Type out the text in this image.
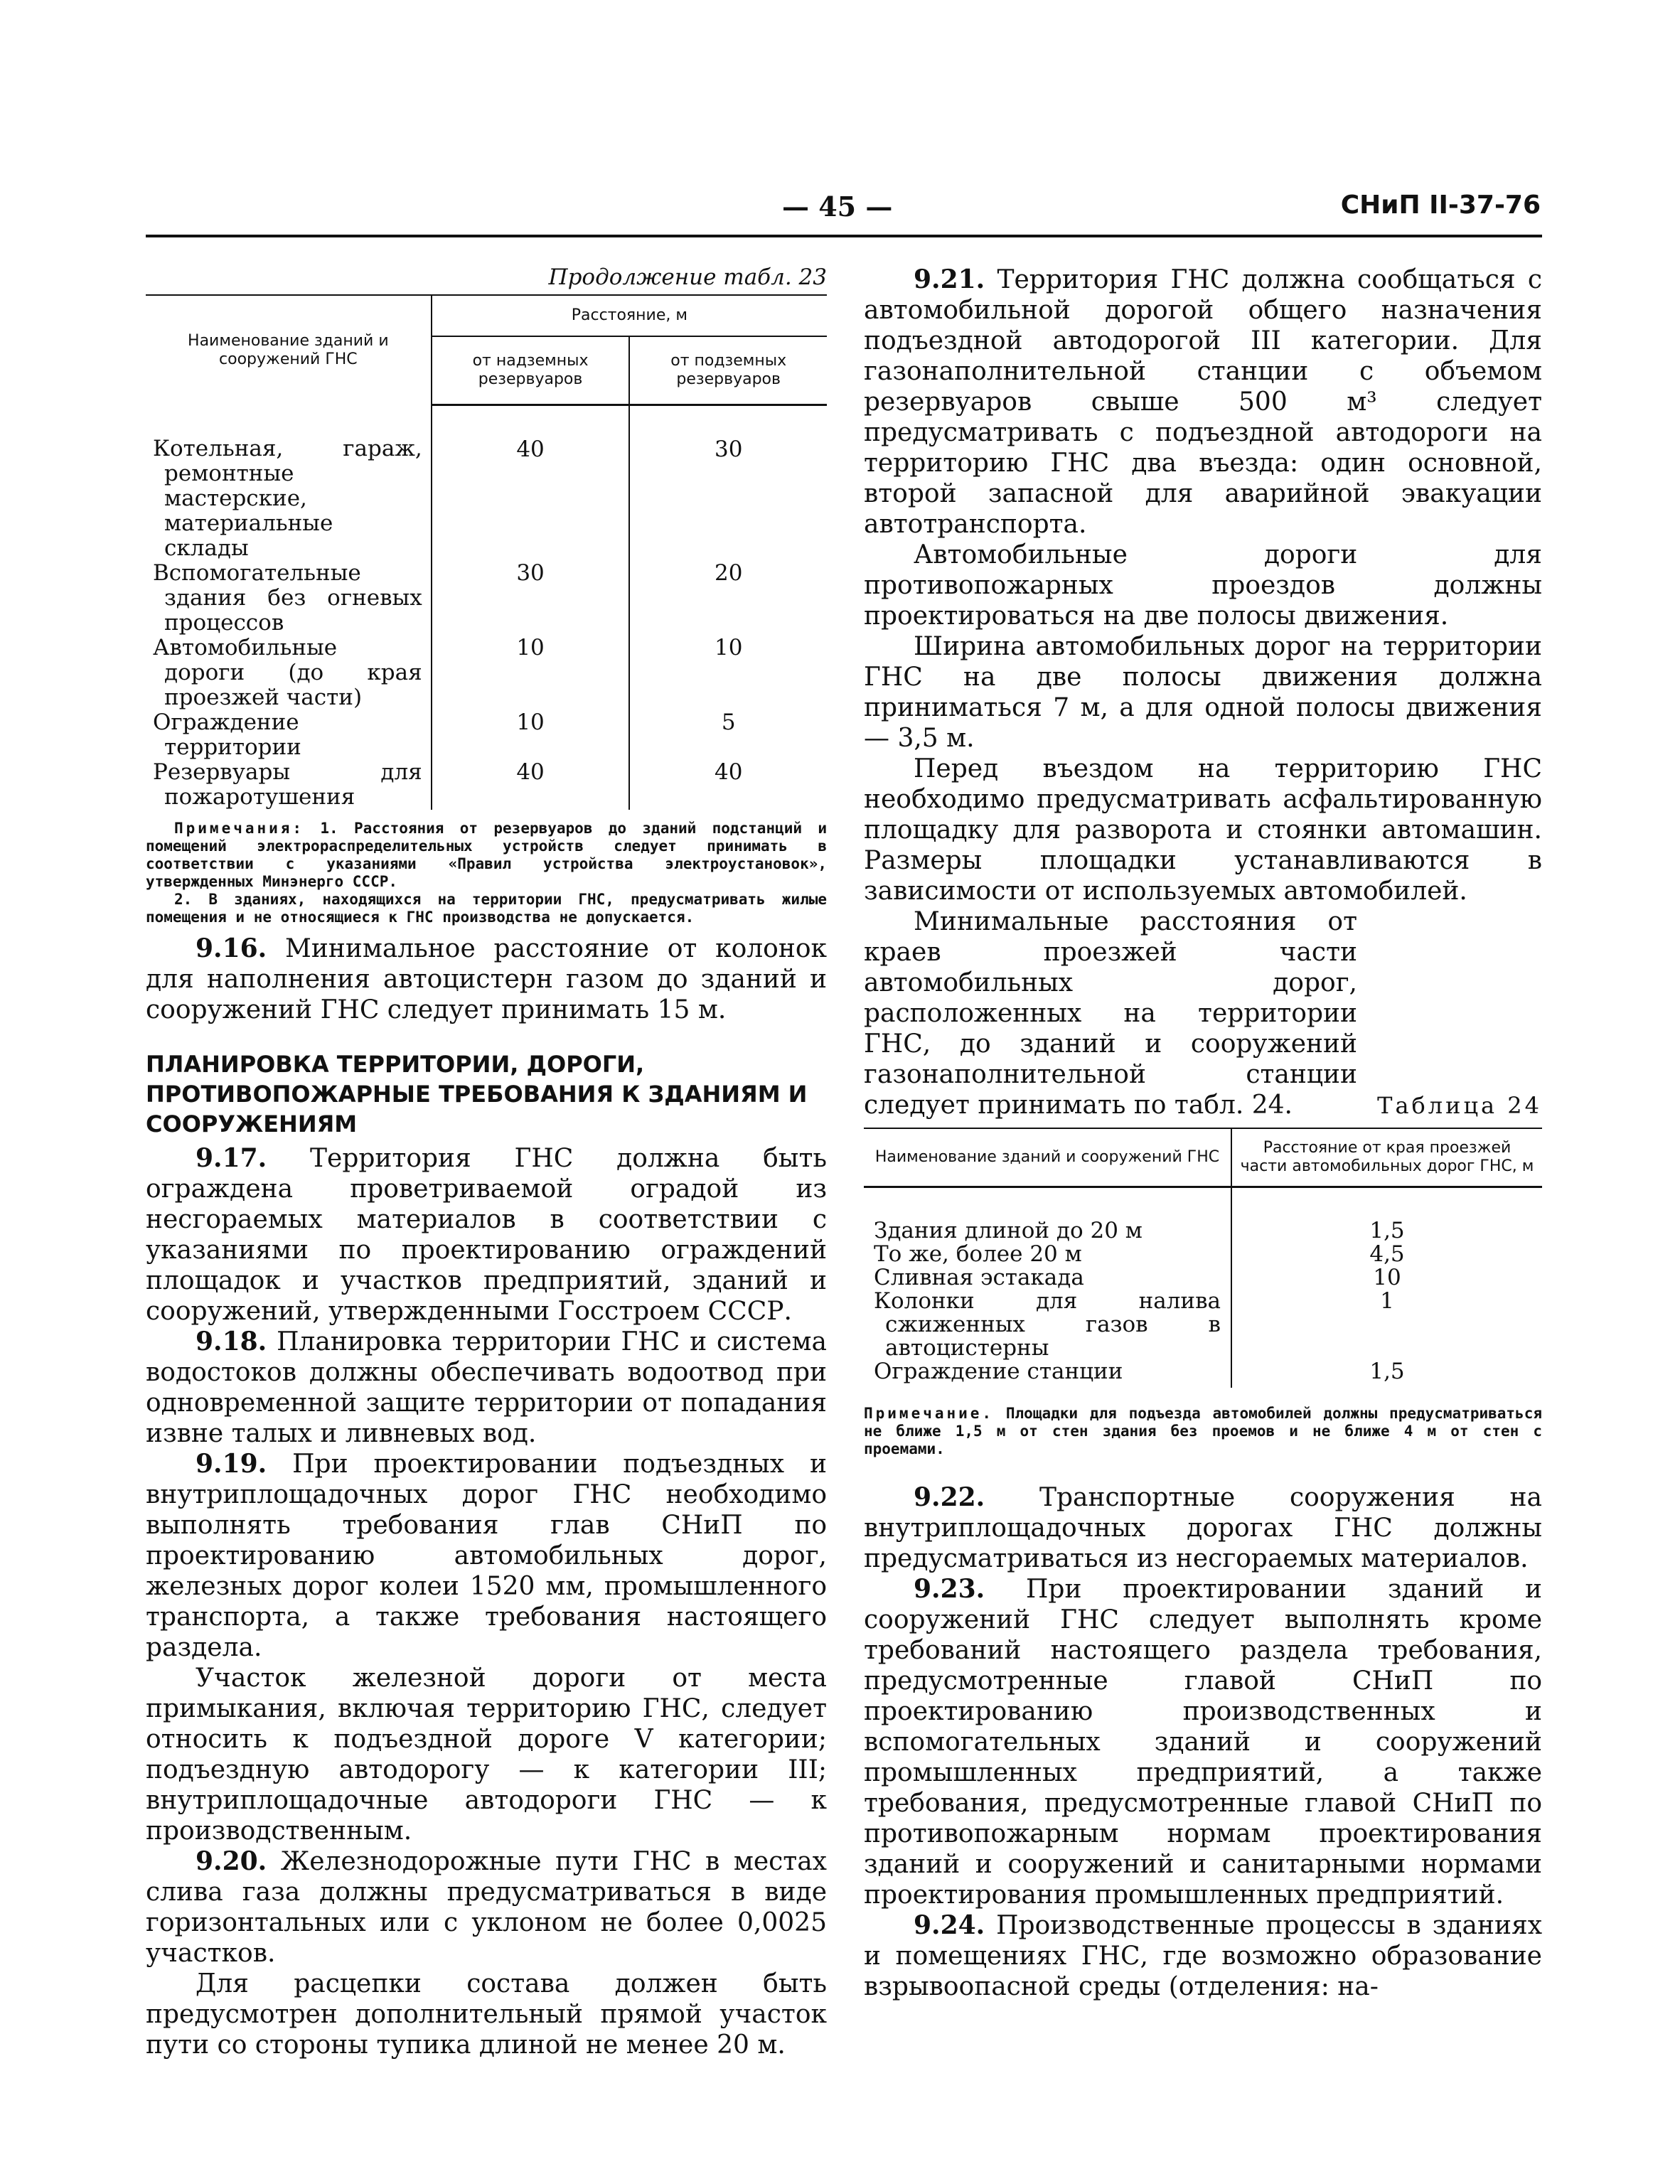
— 45 —	СНиП II-37-76

Продолжение табл. 23

Наименование зданий и сооружений ГНС	Расстояние, м	
	от надземных резервуаров	от подземных резервуаров
Котельная, гараж, ремонтные мастерские, материальные склады	40	30
Вспомогательные здания без огневых процессов	30	20
Автомобильные дороги (до края проезжей части)	10	10
Ограждение территории	10	5
Резервуары для пожаротушения	40	40

Примечания: 1. Расстояния от резервуаров до зданий подстанций и помещений электрораспределительных устройств следует принимать в соответствии с указаниями «Правил устройства электроустановок», утвержденных Минэнерго СССР.

2. В зданиях, находящихся на территории ГНС, предусматривать жилые помещения и не относящиеся к ГНС производства не допускается.

9.16. Минимальное расстояние от колонок для наполнения автоцистерн газом до зданий и сооружений ГНС следует принимать 15 м.

ПЛАНИРОВКА ТЕРРИТОРИИ, ДОРОГИ, ПРОТИВОПОЖАРНЫЕ ТРЕБОВАНИЯ К ЗДАНИЯМ И СООРУЖЕНИЯМ

9.17. Территория ГНС должна быть ограждена проветриваемой оградой из несгораемых материалов в соответствии с указаниями по проектированию ограждений площадок и участков предприятий, зданий и сооружений, утвержденными Госстроем СССР.

9.18. Планировка территории ГНС и система водостоков должны обеспечивать водоотвод при одновременной защите территории от попадания извне талых и ливневых вод.

9.19. При проектировании подъездных и внутриплощадочных дорог ГНС необходимо выполнять требования глав СНиП по проектированию автомобильных дорог, железных дорог колеи 1520 мм, промышленного транспорта, а также требования настоящего раздела.

Участок железной дороги от места примыкания, включая территорию ГНС, следует относить к подъездной дороге V категории; подъездную автодорогу — к категории III; внутриплощадочные автодороги ГНС — к производственным.

9.20. Железнодорожные пути ГНС в местах слива газа должны предусматриваться в виде горизонтальных или с уклоном не более 0,0025 участков.

Для расцепки состава должен быть предусмотрен дополнительный прямой участок пути со стороны тупика длиной не менее 20 м.

9.21. Территория ГНС должна сообщаться с автомобильной дорогой общего назначения подъездной автодорогой III категории. Для газонаполнительной станции с объемом резервуаров свыше 500 м³ следует предусматривать с подъездной автодороги на территорию ГНС два въезда: один основной, второй запасной для аварийной эвакуации автотранспорта.

Автомобильные дороги для противопожарных проездов должны проектироваться на две полосы движения.

Ширина автомобильных дорог на территории ГНС на две полосы движения должна приниматься 7 м, а для одной полосы движения — 3,5 м.

Перед въездом на территорию ГНС необходимо предусматривать асфальтированную площадку для разворота и стоянки автомашин. Размеры площадки устанавливаются в зависимости от используемых автомобилей.

Минимальные расстояния от краев проезжей части автомобильных дорог, расположенных на территории ГНС, до зданий и сооружений газонаполнительной станции следует принимать по табл. 24.	Таблица 24
Наименование зданий и сооружений ГНС	Расстояние от края проезжей части автомобильных дорог ГНС, м
Здания длиной до 20 м	1,5
То же, более 20 м	4,5
Сливная эстакада	10
Колонки для налива сжиженных газов в автоцистерны	1
Ограждение станции	1,5

Примечание. Площадки для подъезда автомобилей должны предусматриваться не ближе 1,5 м от стен здания без проемов и не ближе 4 м от стен с проемами.

9.22. Транспортные сооружения на внутриплощадочных дорогах ГНС должны предусматриваться из несгораемых материалов.

9.23. При проектировании зданий и сооружений ГНС следует выполнять кроме требований настоящего раздела требования, предусмотренные главой СНиП по проектированию производственных и вспомогательных зданий и сооружений промышленных предприятий, а также требования, предусмотренные главой СНиП по противопожарным нормам проектирования зданий и сооружений и санитарными нормами проектирования промышленных предприятий.

9.24. Производственные процессы в зданиях и помещениях ГНС, где возможно образование взрывоопасной среды (отделения: на-
